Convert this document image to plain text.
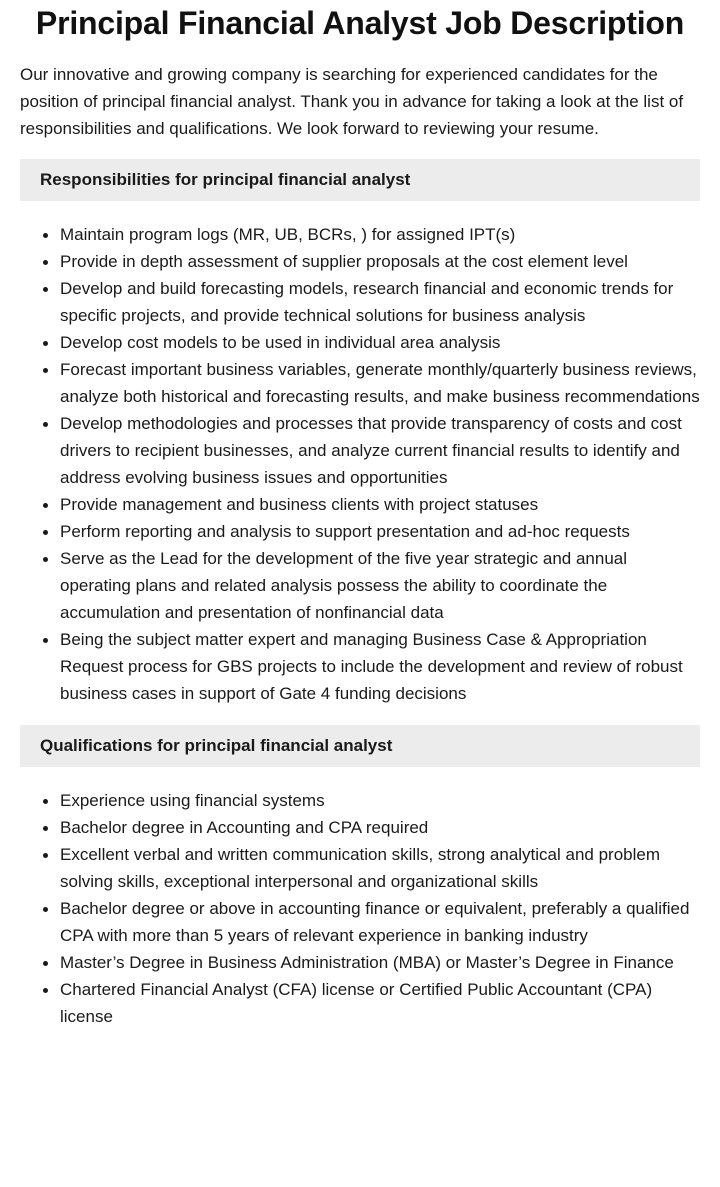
Principal Financial Analyst Job Description

Our innovative and growing company is searching for experienced candidates for the position of principal financial analyst. Thank you in advance for taking a look at the list of responsibilities and qualifications. We look forward to reviewing your resume.

Responsibilities for principal financial analyst
Maintain program logs (MR, UB, BCRs, ) for assigned IPT(s)
Provide in depth assessment of supplier proposals at the cost element level
Develop and build forecasting models, research financial and economic trends for specific projects, and provide technical solutions for business analysis
Develop cost models to be used in individual area analysis
Forecast important business variables, generate monthly/quarterly business reviews, analyze both historical and forecasting results, and make business recommendations
Develop methodologies and processes that provide transparency of costs and cost drivers to recipient businesses, and analyze current financial results to identify and address evolving business issues and opportunities
Provide management and business clients with project statuses
Perform reporting and analysis to support presentation and ad-hoc requests
Serve as the Lead for the development of the five year strategic and annual operating plans and related analysis possess the ability to coordinate the accumulation and presentation of nonfinancial data
Being the subject matter expert and managing Business Case & Appropriation Request process for GBS projects to include the development and review of robust business cases in support of Gate 4 funding decisions
Qualifications for principal financial analyst
Experience using financial systems
Bachelor degree in Accounting and CPA required
Excellent verbal and written communication skills, strong analytical and problem solving skills, exceptional interpersonal and organizational skills
Bachelor degree or above in accounting finance or equivalent, preferably a qualified CPA with more than 5 years of relevant experience in banking industry
Master’s Degree in Business Administration (MBA) or Master’s Degree in Finance
Chartered Financial Analyst (CFA) license or Certified Public Accountant (CPA) license
